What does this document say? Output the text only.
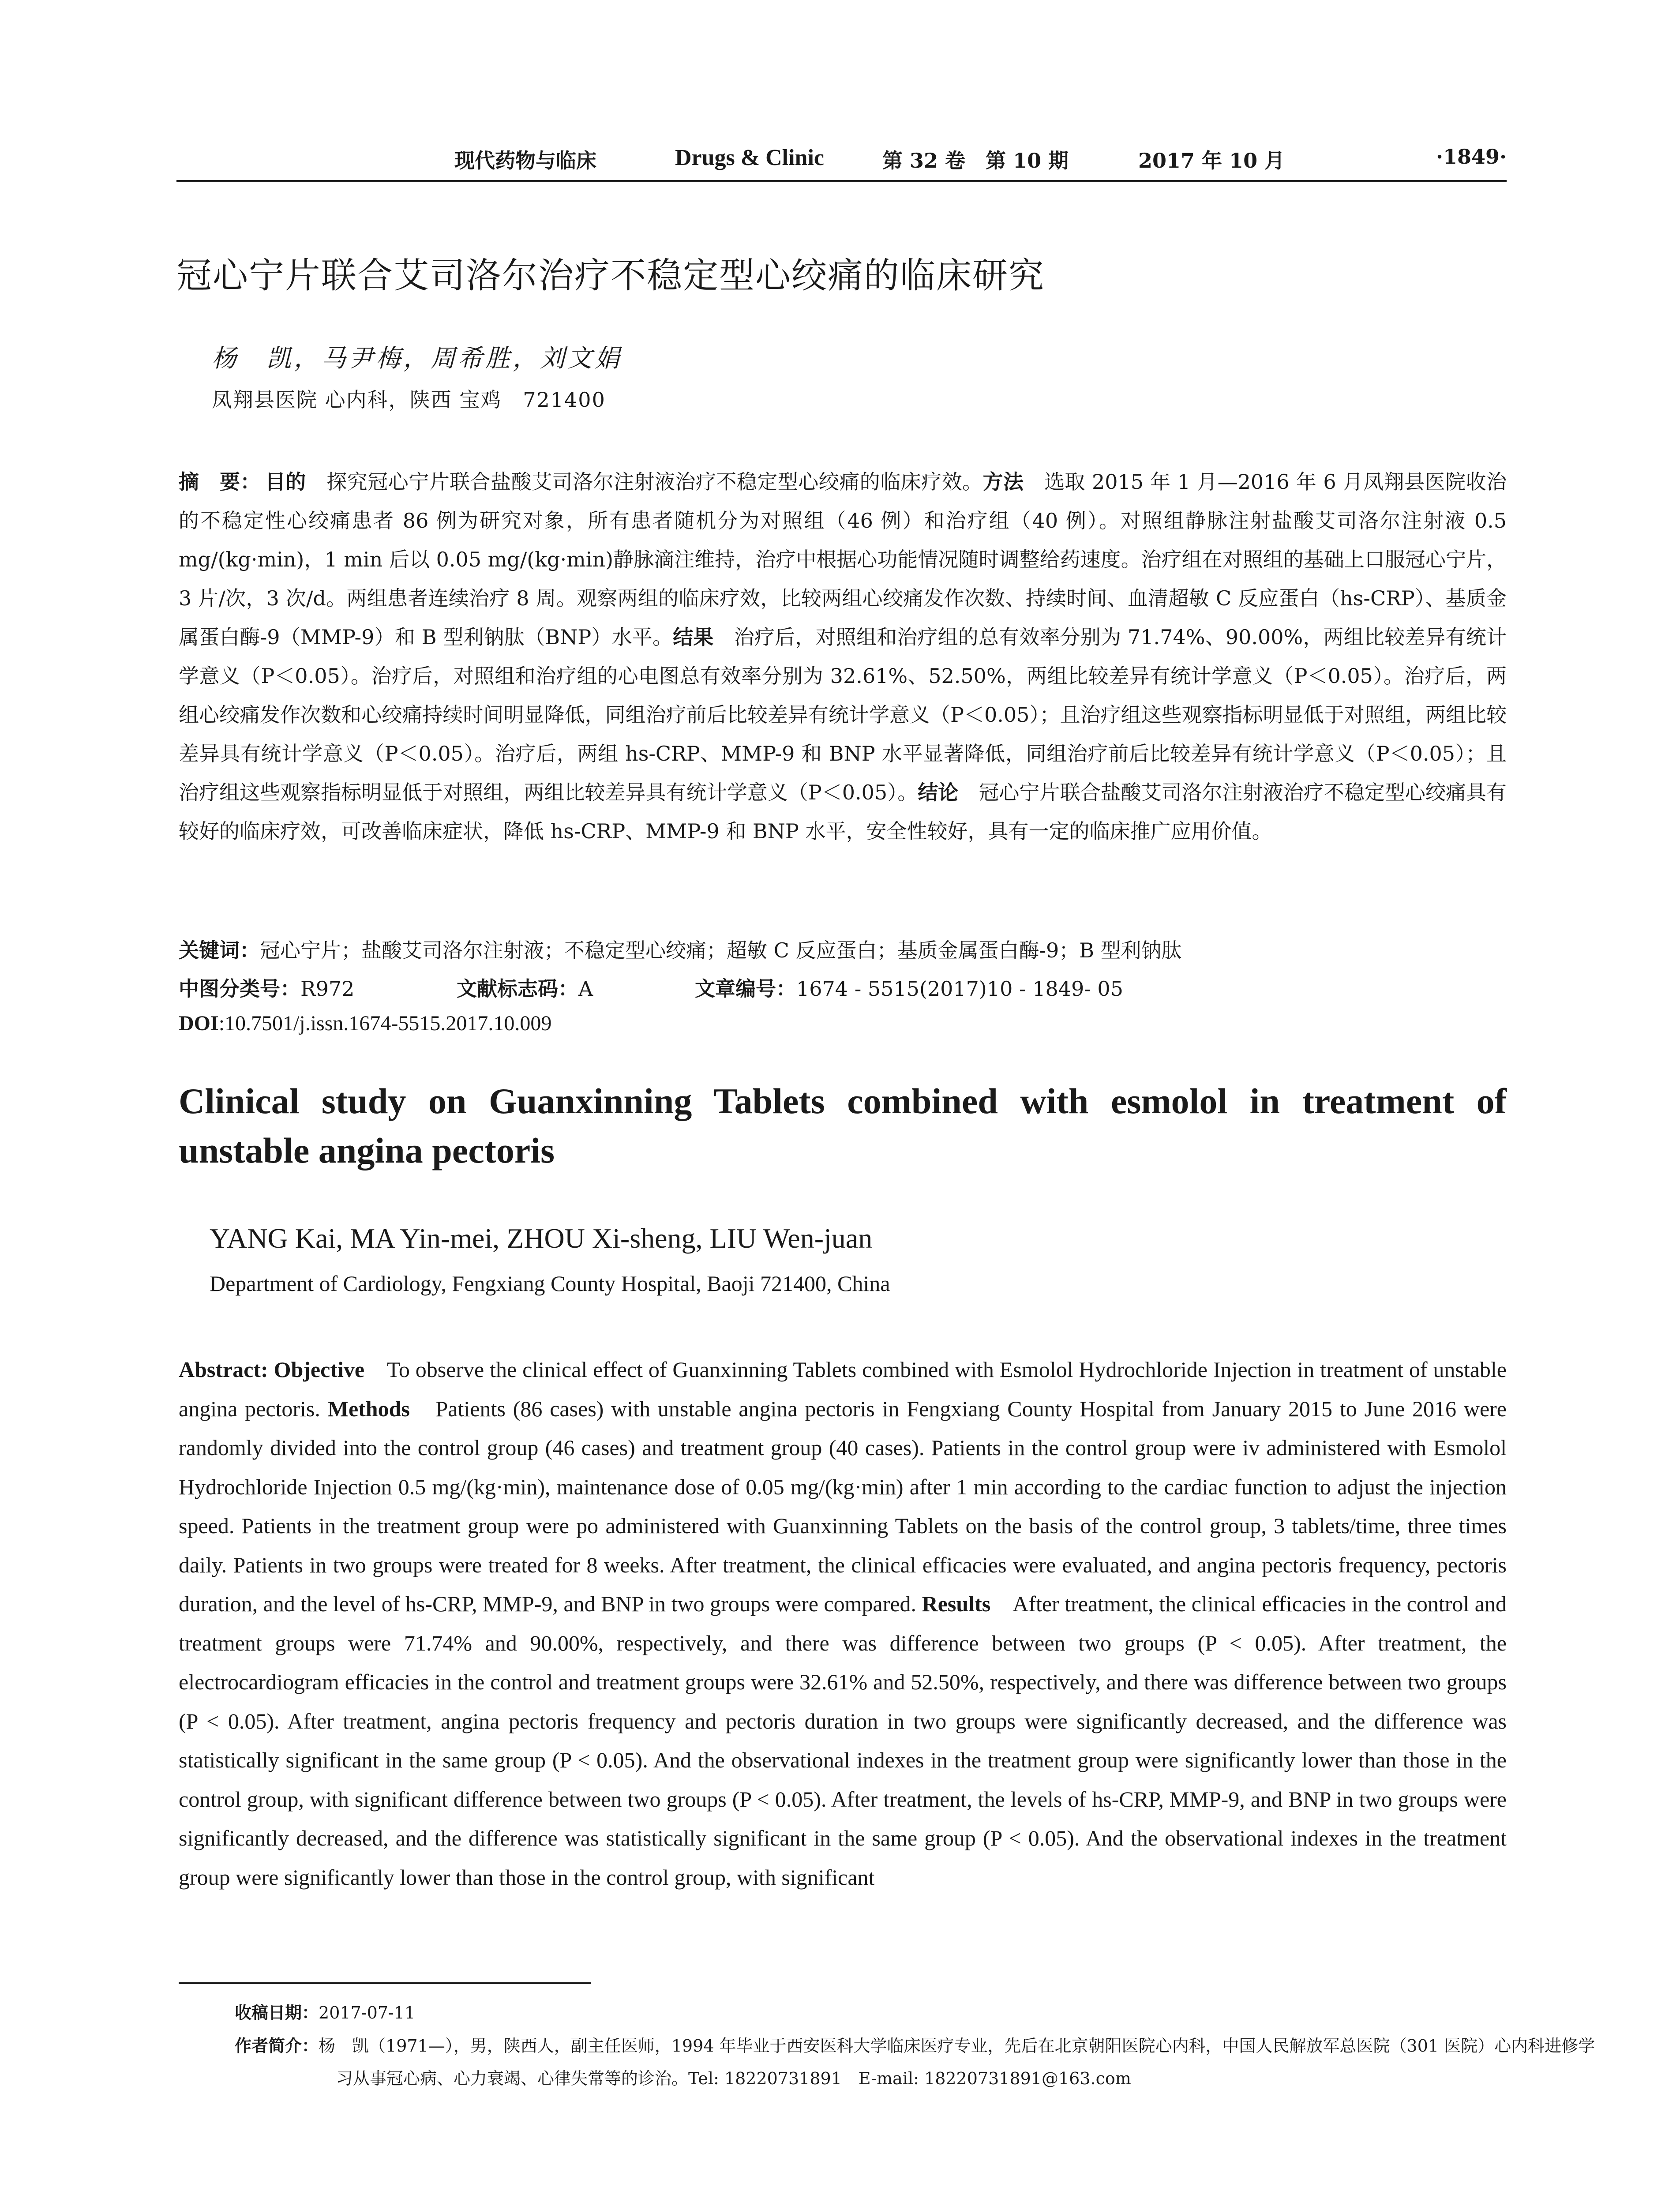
现代药物与临床	Drugs & Clinic	第 32 卷　第 10 期	2017 年 10 月	·1849·
冠心宁片联合艾司洛尔治疗不稳定型心绞痛的临床研究
杨　凯，马尹梅，周希胜，刘文娟
凤翔县医院 心内科，陕西 宝鸡　721400

摘　要： 目的　探究冠心宁片联合盐酸艾司洛尔注射液治疗不稳定型心绞痛的临床疗效。方法　选取 2015 年 1 月—2016 年 6 月凤翔县医院收治的不稳定性心绞痛患者 86 例为研究对象，所有患者随机分为对照组（46 例）和治疗组（40 例）。对照组静脉注射盐酸艾司洛尔注射液 0.5 mg/(kg·min)，1 min 后以 0.05 mg/(kg·min)静脉滴注维持，治疗中根据心功能情况随时调整给药速度。治疗组在对照组的基础上口服冠心宁片，3 片/次，3 次/d。两组患者连续治疗 8 周。观察两组的临床疗效，比较两组心绞痛发作次数、持续时间、血清超敏 C 反应蛋白（hs-CRP）、基质金属蛋白酶-9（MMP-9）和 B 型利钠肽（BNP）水平。结果　治疗后，对照组和治疗组的总有效率分别为 71.74%、90.00%，两组比较差异有统计学意义（P＜0.05）。治疗后，对照组和治疗组的心电图总有效率分别为 32.61%、52.50%，两组比较差异有统计学意义（P＜0.05）。治疗后，两组心绞痛发作次数和心绞痛持续时间明显降低，同组治疗前后比较差异有统计学意义（P＜0.05）；且治疗组这些观察指标明显低于对照组，两组比较差异具有统计学意义（P＜0.05）。治疗后，两组 hs-CRP、MMP-9 和 BNP 水平显著降低，同组治疗前后比较差异有统计学意义（P＜0.05）；且治疗组这些观察指标明显低于对照组，两组比较差异具有统计学意义（P＜0.05）。结论　冠心宁片联合盐酸艾司洛尔注射液治疗不稳定型心绞痛具有较好的临床疗效，可改善临床症状，降低 hs-CRP、MMP-9 和 BNP 水平，安全性较好，具有一定的临床推广应用价值。

关键词：冠心宁片；盐酸艾司洛尔注射液；不稳定型心绞痛；超敏 C 反应蛋白；基质金属蛋白酶-9；B 型利钠肽
中图分类号：R972	文献标志码：A	文章编号：1674 - 5515(2017)10 - 1849- 05
DOI:10.7501/j.issn.1674-5515.2017.10.009
Clinical study on Guanxinning Tablets combined with esmolol in treatment of unstable angina pectoris
YANG Kai, MA Yin-mei, ZHOU Xi-sheng, LIU Wen-juan
Department of Cardiology, Fengxiang County Hospital, Baoji 721400, China

Abstract: Objective　To observe the clinical effect of Guanxinning Tablets combined with Esmolol Hydrochloride Injection in treatment of unstable angina pectoris. Methods　Patients (86 cases) with unstable angina pectoris in Fengxiang County Hospital from January 2015 to June 2016 were randomly divided into the control group (46 cases) and treatment group (40 cases). Patients in the control group were iv administered with Esmolol Hydrochloride Injection 0.5 mg/(kg·min), maintenance dose of 0.05 mg/(kg·min) after 1 min according to the cardiac function to adjust the injection speed. Patients in the treatment group were po administered with Guanxinning Tablets on the basis of the control group, 3 tablets/time, three times daily. Patients in two groups were treated for 8 weeks. After treatment, the clinical efficacies were evaluated, and angina pectoris frequency, pectoris duration, and the level of hs-CRP, MMP-9, and BNP in two groups were compared. Results　After treatment, the clinical efficacies in the control and treatment groups were 71.74% and 90.00%, respectively, and there was difference between two groups (P < 0.05). After treatment, the electrocardiogram efficacies in the control and treatment groups were 32.61% and 52.50%, respectively, and there was difference between two groups (P < 0.05). After treatment, angina pectoris frequency and pectoris duration in two groups were significantly decreased, and the difference was statistically significant in the same group (P < 0.05). And the observational indexes in the treatment group were significantly lower than those in the control group, with significant difference between two groups (P < 0.05). After treatment, the levels of hs-CRP, MMP-9, and BNP in two groups were significantly decreased, and the difference was statistically significant in the same group (P < 0.05). And the observational indexes in the treatment group were significantly lower than those in the control group, with significant

收稿日期：2017-07-11
作者简介：杨　凯（1971—），男，陕西人，副主任医师，1994 年毕业于西安医科大学临床医疗专业，先后在北京朝阳医院心内科，中国人民解放军总医院（301 医院）心内科进修学习从事冠心病、心力衰竭、心律失常等的诊治。Tel: 18220731891　E-mail: 18220731891@163.com
